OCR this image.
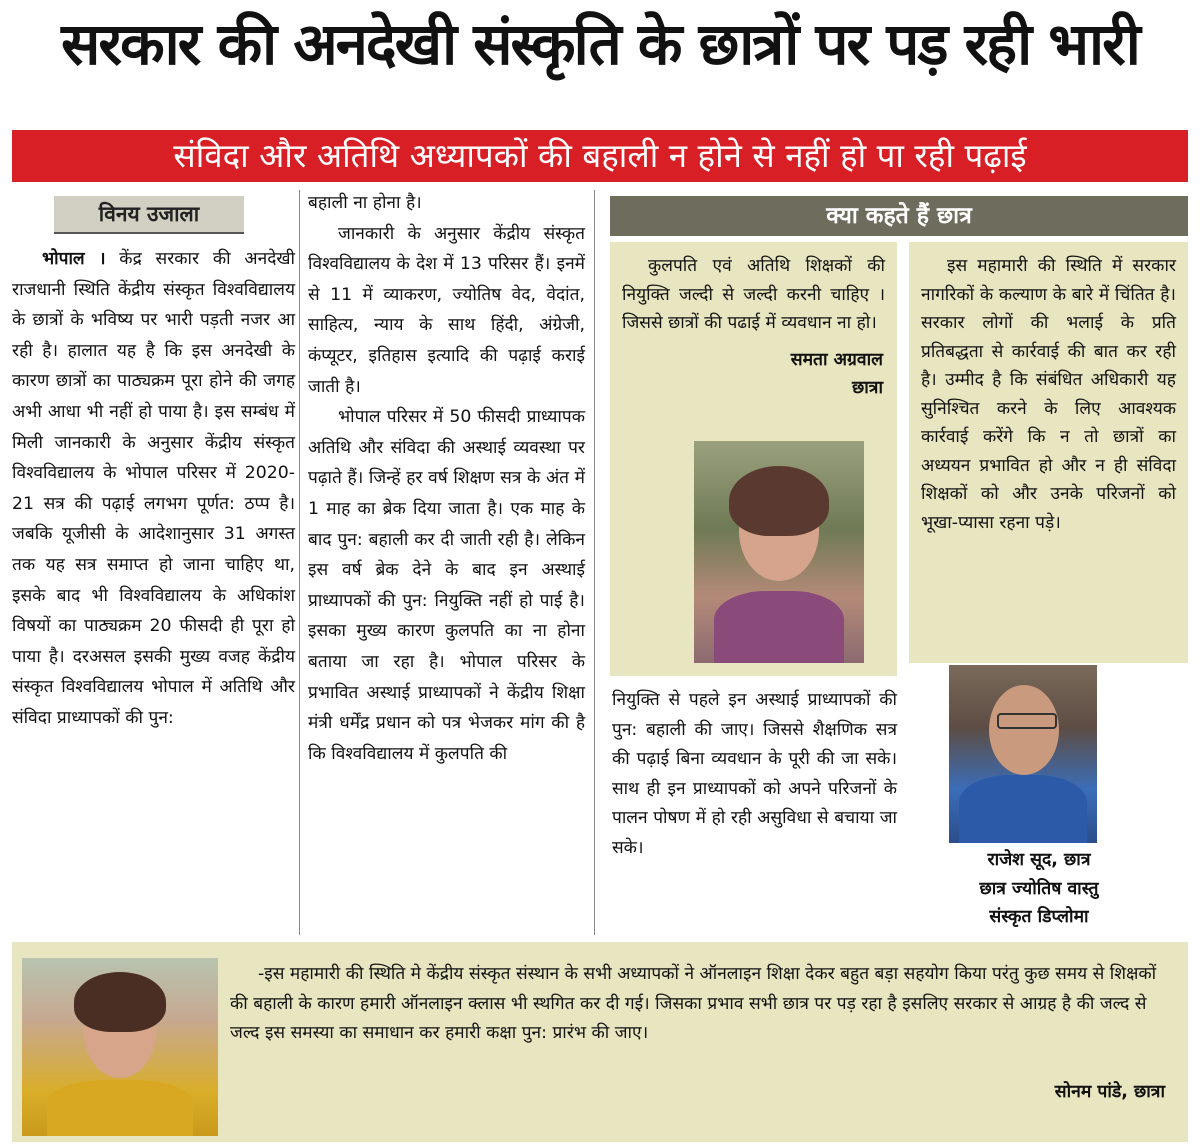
सरकार की अनदेखी संस्कृति के छात्रों पर पड़ रही भारी
संविदा और अतिथि अध्यापकों की बहाली न होने से नहीं हो पा रही पढ़ाई
विनय उजाला

भोपाल । केंद्र सरकार की अनदेखी राजधानी स्थिति केंद्रीय संस्कृत विश्वविद्यालय के छात्रों के भविष्य पर भारी पड़ती नजर आ रही है। हालात यह है कि इस अनदेखी के कारण छात्रों का पाठ्यक्रम पूरा होने की जगह अभी आधा भी नहीं हो पाया है। इस सम्बंध में मिली जानकारी के अनुसार केंद्रीय संस्कृत विश्वविद्यालय के भोपाल परिसर में 2020-21 सत्र की पढ़ाई लगभग पूर्णत: ठप्प है। जबकि यूजीसी के आदेशानुसार 31 अगस्त तक यह सत्र समाप्त हो जाना चाहिए था, इसके बाद भी विश्वविद्यालय के अधिकांश विषयों का पाठ्यक्रम 20 फीसदी ही पूरा हो पाया है। दरअसल इसकी मुख्य वजह केंद्रीय संस्कृत विश्वविद्यालय भोपाल में अतिथि और संविदा प्राध्यापकों की पुन:

बहाली ना होना है।

जानकारी के अनुसार केंद्रीय संस्कृत विश्वविद्यालय के देश में 13 परिसर हैं। इनमें से 11 में व्याकरण, ज्योतिष वेद, वेदांत, साहित्य, न्याय के साथ हिंदी, अंग्रेजी, कंप्यूटर, इतिहास इत्यादि की पढ़ाई कराई जाती है।

भोपाल परिसर में 50 फीसदी प्राध्यापक अतिथि और संविदा की अस्थाई व्यवस्था पर पढ़ाते हैं। जिन्हें हर वर्ष शिक्षण सत्र के अंत में 1 माह का ब्रेक दिया जाता है। एक माह के बाद पुन: बहाली कर दी जाती रही है। लेकिन इस वर्ष ब्रेक देने के बाद इन अस्थाई प्राध्यापकों की पुन: नियुक्ति नहीं हो पाई है। इसका मुख्य कारण कुलपति का ना होना बताया जा रहा है। भोपाल परिसर के प्रभावित अस्थाई प्राध्यापकों ने केंद्रीय शिक्षा मंत्री धर्मेंद्र प्रधान को पत्र भेजकर मांग की है कि विश्वविद्यालय में कुलपति की

क्या कहते हैं छात्र

कुलपति एवं अतिथि शिक्षकों की नियुक्ति जल्दी से जल्दी करनी चाहिए ।जिससे छात्रों की पढाई में व्यवधान ना हो।

समता अग्रवाल
छात्रा

इस महामारी की स्थिति में सरकार नागरिकों के कल्याण के बारे में चिंतित है। सरकार लोगों की भलाई के प्रति प्रतिबद्धता से कार्रवाई की बात कर रही है। उम्मीद है कि संबंधित अधिकारी यह सुनिश्चित करने के लिए आवश्यक कार्रवाई करेंगे कि न तो छात्रों का अध्ययन प्रभावित हो और न ही संविदा शिक्षकों को और उनके परिजनों को भूखा-प्यासा रहना पड़े।

नियुक्ति से पहले इन अस्थाई प्राध्यापकों की पुन: बहाली की जाए। जिससे शैक्षणिक सत्र की पढ़ाई बिना व्यवधान के पूरी की जा सके। साथ ही इन प्राध्यापकों को अपने परिजनों के पालन पोषण में हो रही असुविधा से बचाया जा सके।

राजेश सूद, छात्र
छात्र ज्योतिष वास्तु
संस्कृत डिप्लोमा

-इस महामारी की स्थिति मे केंद्रीय संस्कृत संस्थान के सभी अध्यापकों ने ऑनलाइन शिक्षा देकर बहुत बड़ा सहयोग किया परंतु कुछ समय से शिक्षकों की बहाली के कारण हमारी ऑनलाइन क्लास भी स्थगित कर दी गई। जिसका प्रभाव सभी छात्र पर पड़ रहा है इसलिए सरकार से आग्रह है की जल्द से जल्द इस समस्या का समाधान कर हमारी कक्षा पुन: प्रारंभ की जाए।

सोनम पांडे, छात्रा
